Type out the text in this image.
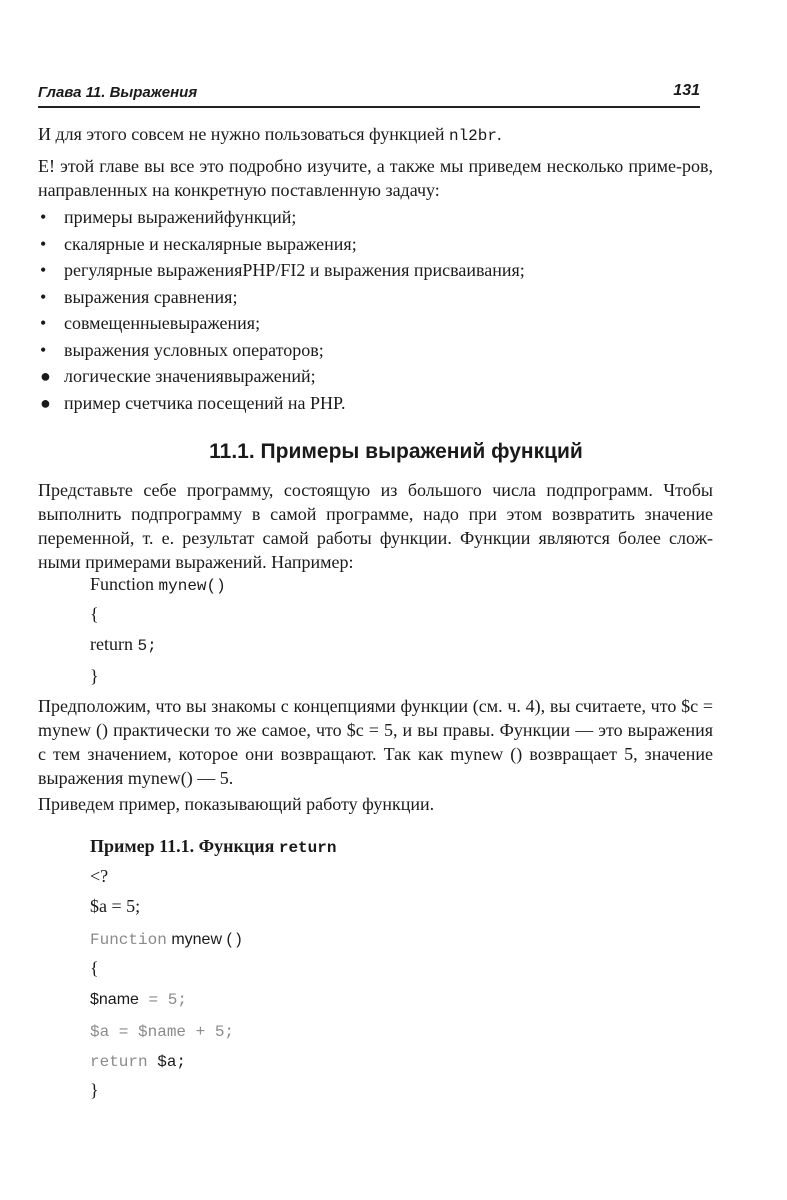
Глава 11. Выражения	131
И для этого совсем не нужно пользоваться функцией nl2br.
E! этой главе вы все это подробно изучите, а также мы приведем несколько приме-ров, направленных на конкретную поставленную задачу:
• примеры выраженийфункций;
• скалярные и нескалярные выражения;
• регулярные выраженияPHP/FI2 и выражения присваивания;
• выражения сравнения;
• совмещенныевыражения;
• выражения условных операторов;
● логические значениявыражений;
● пример счетчика посещений на PHP.
11.1. Примеры выражений функций
Представьте себе программу, состоящую из большого числа подпрограмм. Чтобы выполнить подпрограмму в самой программе, надо при этом возвратить значение переменной, т. е. результат самой работы функции. Функции являются более слож-ными примерами выражений. Например:
Function mynew()
{
return 5;
}
Предположим, что вы знакомы с концепциями функции (см. ч. 4), вы считаете, что $c = mynew () практически то же самое, что $c = 5, и вы правы. Функции — это выражения с тем значением, которое они возвращают. Так как mynew () возвращает 5, значение выражения mynew() — 5.
Приведем пример, показывающий работу функции.
Пример 11.1. Функция return
<?
$a = 5;
Function mynew ( )
{
$name = 5;
$a = $name + 5;
return $a;
}
